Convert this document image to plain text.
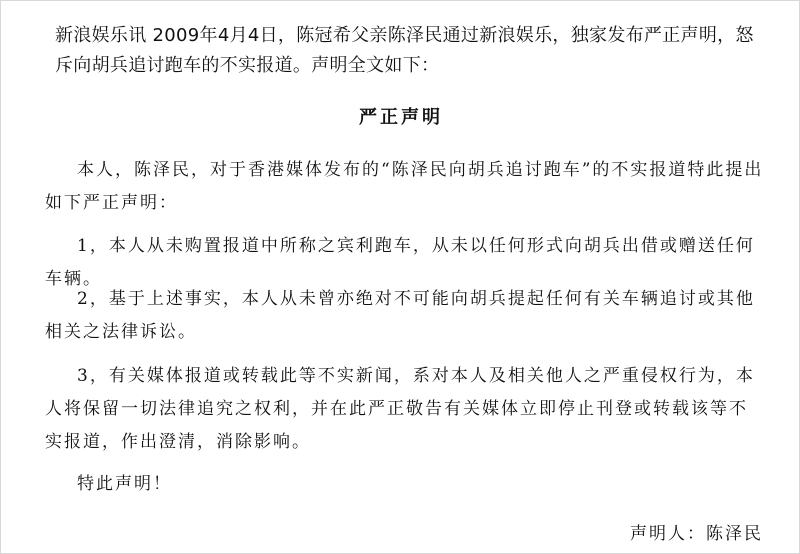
新浪娱乐讯 2009年4月4日，陈冠希父亲陈泽民通过新浪娱乐，独家发布严正声明，怒斥向胡兵追讨跑车的不实报道。声明全文如下：
严正声明
本人，陈泽民，对于香港媒体发布的“陈泽民向胡兵追讨跑车”的不实报道特此提出如下严正声明：
1，本人从未购置报道中所称之宾利跑车，从未以任何形式向胡兵出借或赠送任何车辆。
2，基于上述事实，本人从未曾亦绝对不可能向胡兵提起任何有关车辆追讨或其他相关之法律诉讼。
3，有关媒体报道或转载此等不实新闻，系对本人及相关他人之严重侵权行为，本人将保留一切法律追究之权利，并在此严正敬告有关媒体立即停止刊登或转载该等不实报道，作出澄清，消除影响。
特此声明！
声明人：陈泽民
